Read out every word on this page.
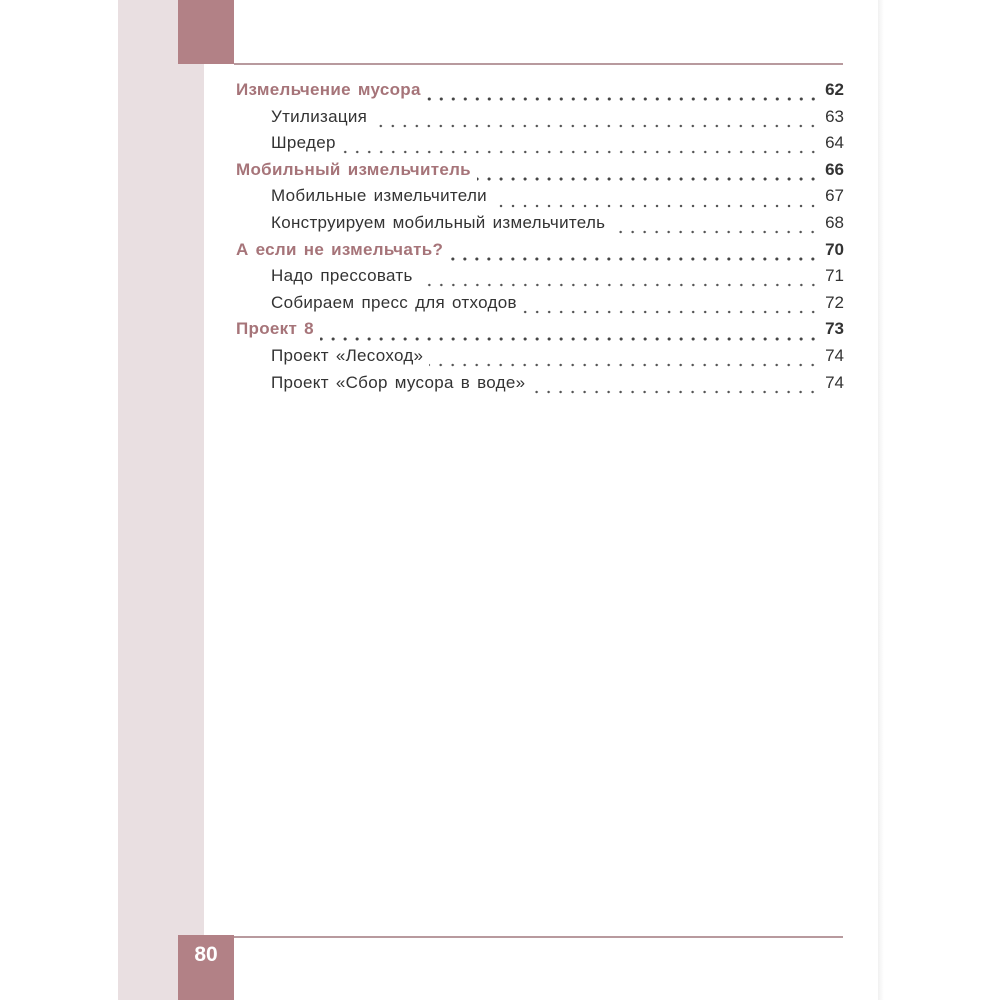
Измельчение мусора	62
Утилизация	63
Шредер	64
Мобильный измельчитель	66
Мобильные измельчители	67
Конструируем мобильный измельчитель	68
А если не измельчать?	70
Надо прессовать	71
Собираем пресс для отходов	72
Проект 8	73
Проект «Лесоход»	74
Проект «Сбор мусора в воде»	74
80
